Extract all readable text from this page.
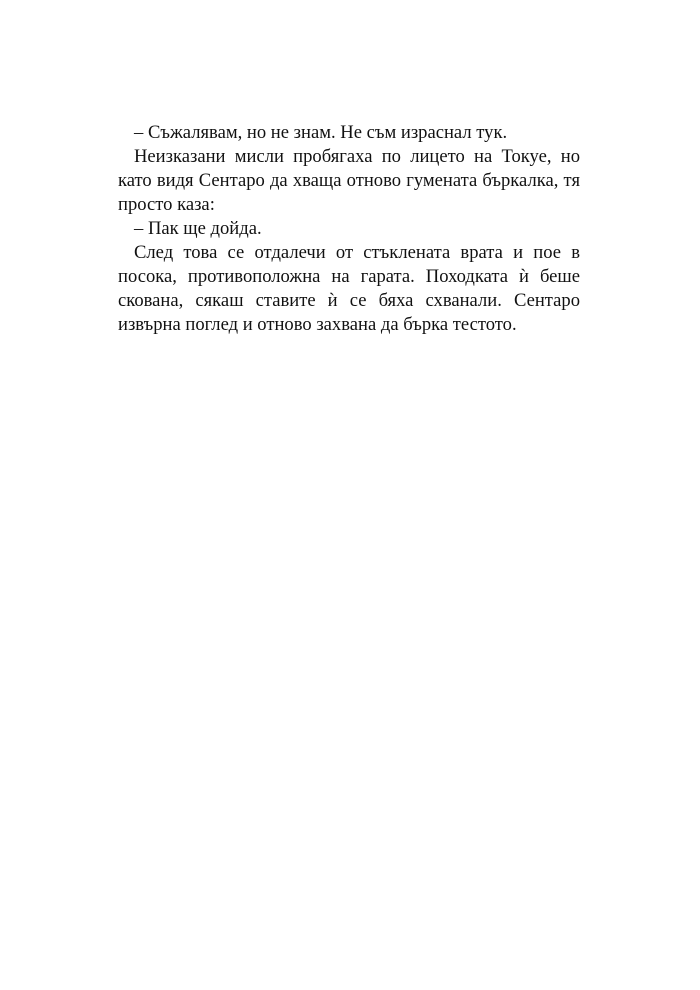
– Съжалявам, но не знам. Не съм израснал тук.

Неизказани мисли пробягаха по лицето на Токуе, но като видя Сентаро да хваща отново гумената бъркалка, тя просто каза:

– Пак ще дойда.

След това се отдалечи от стъклената врата и пое в посока, противоположна на гарата. Походката ѝ беше скована, сякаш ставите ѝ се бяха схванали. Сентаро извърна поглед и отново захвана да бърка тестото.
